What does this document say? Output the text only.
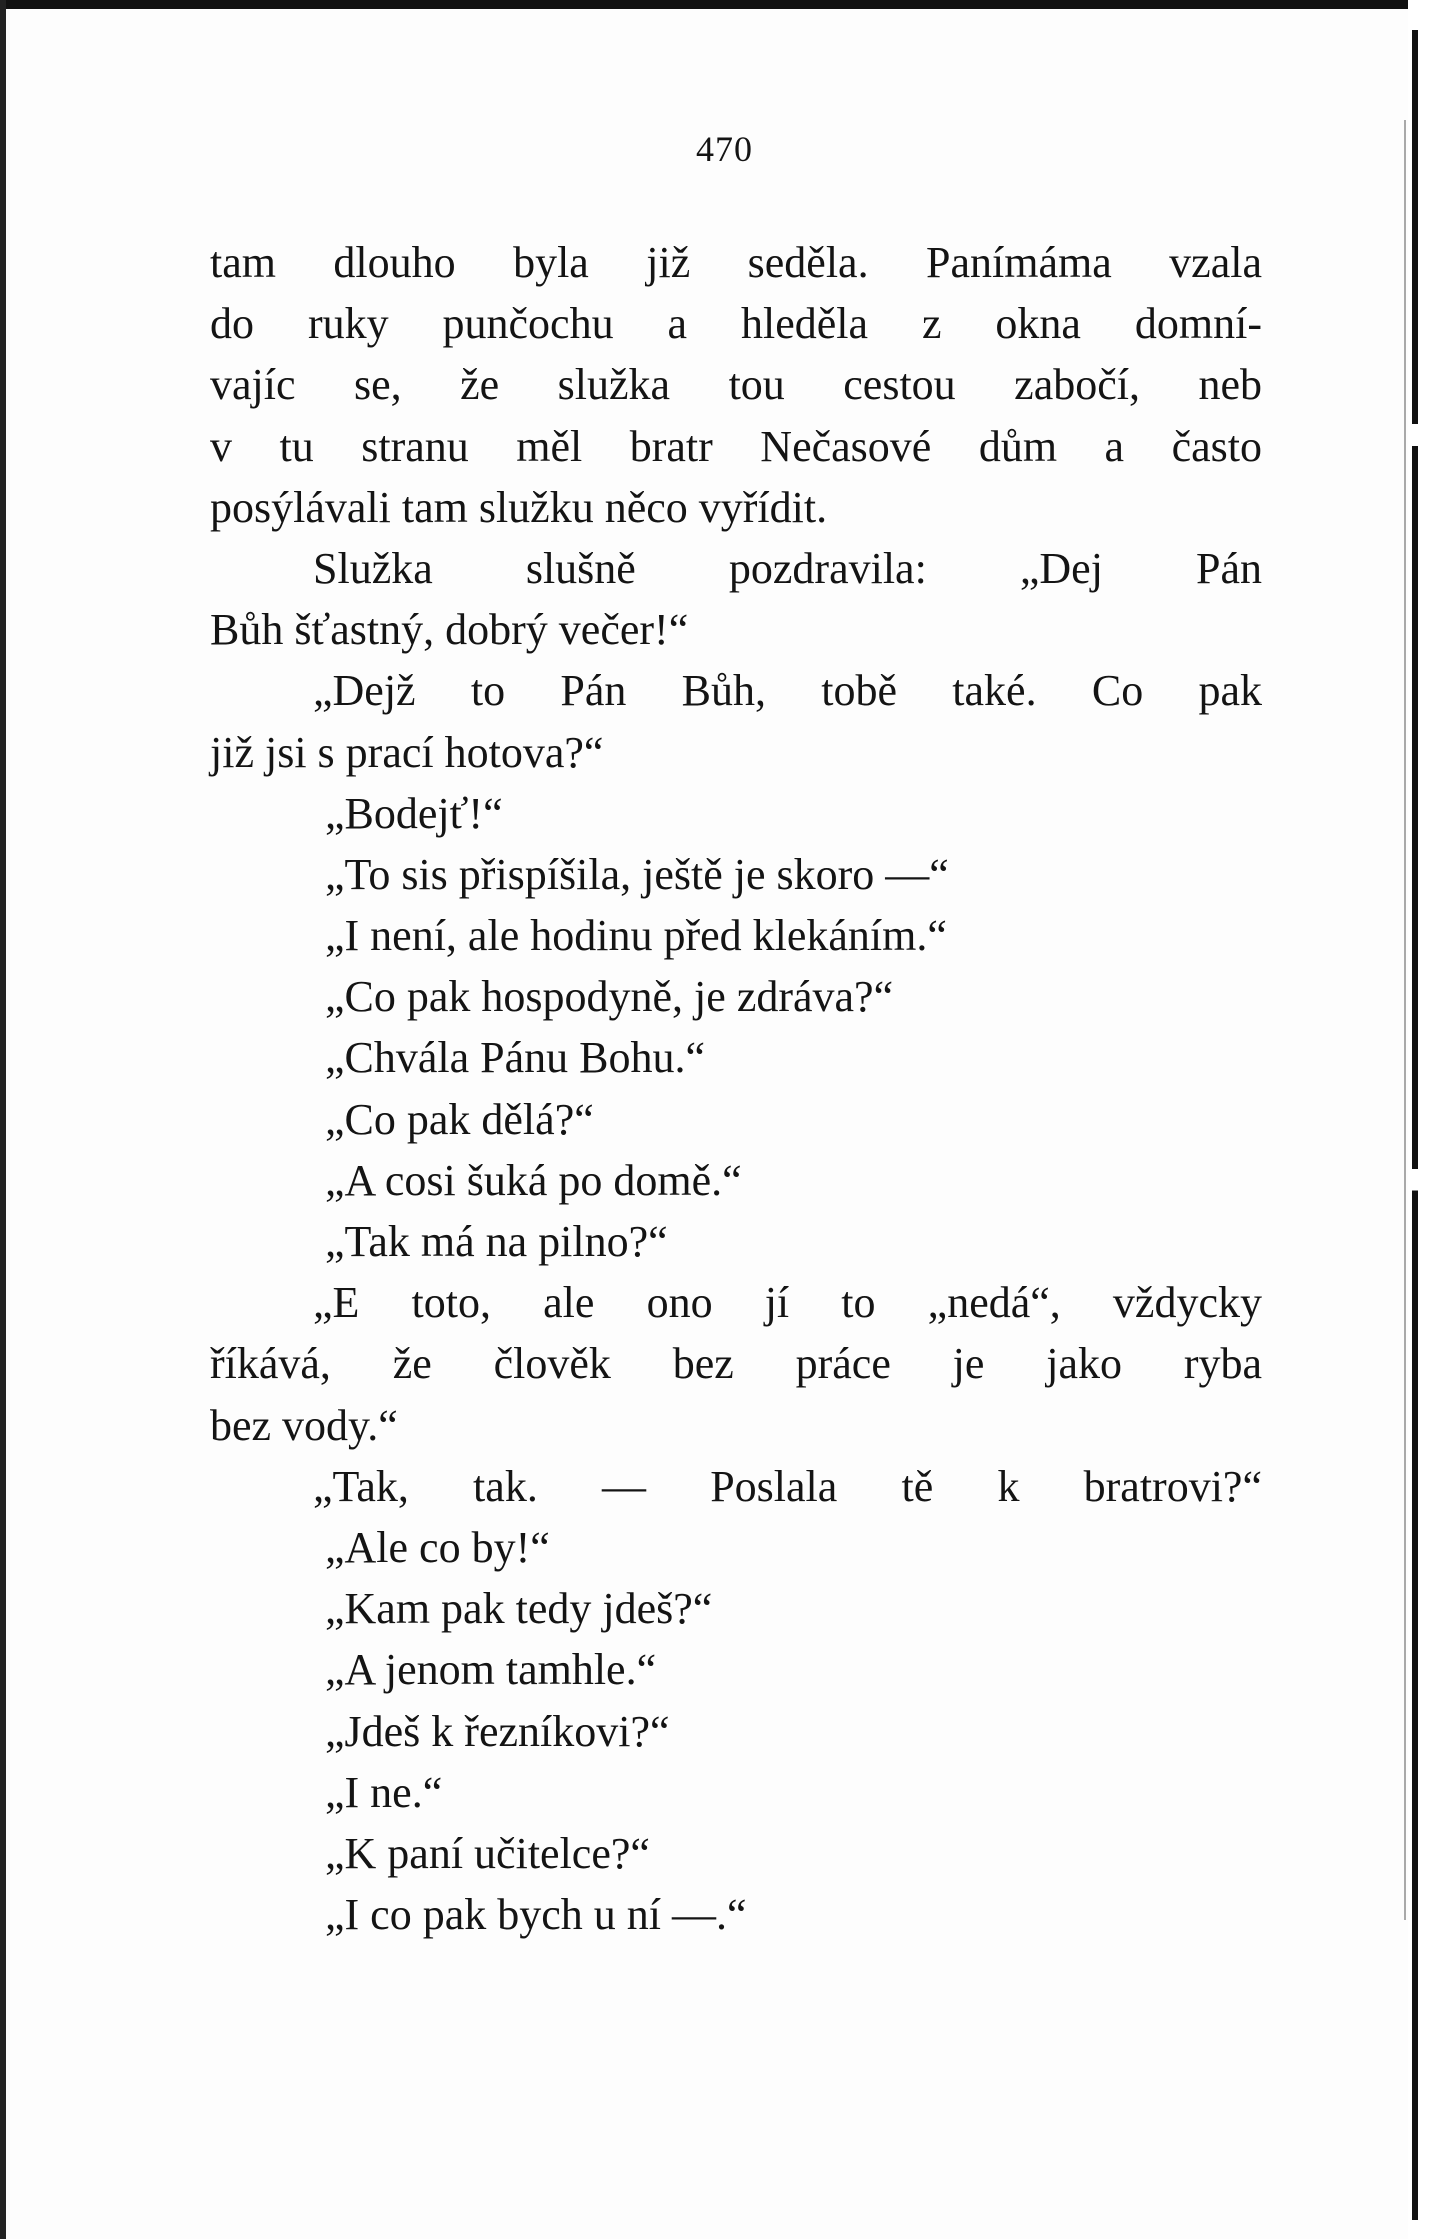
470
tam dlouho byla již seděla. Panímáma vzala
do ruky punčochu a hleděla z okna domní-
vajíc se, že služka tou cestou zabočí, neb
v tu stranu měl bratr Nečasové dům a často
posýlávali tam služku něco vyřídit.
Služka slušně pozdravila: „Dej Pán
Bůh šťastný, dobrý večer!“
„Dejž to Pán Bůh, tobě také. Co pak
již jsi s prací hotova?“
„Bodejť!“
„To sis přispíšila, ještě je skoro —“
„I není, ale hodinu před klekáním.“
„Co pak hospodyně, je zdráva?“
„Chvála Pánu Bohu.“
„Co pak dělá?“
„A cosi šuká po domě.“
„Tak má na pilno?“
„E toto, ale ono jí to „nedá“, vždycky
říkává, že člověk bez práce je jako ryba
bez vody.“
„Tak, tak. — Poslala tě k bratrovi?“
„Ale co by!“
„Kam pak tedy jdeš?“
„A jenom tamhle.“
„Jdeš k řezníkovi?“
„I ne.“
„K paní učitelce?“
„I co pak bych u ní —.“
